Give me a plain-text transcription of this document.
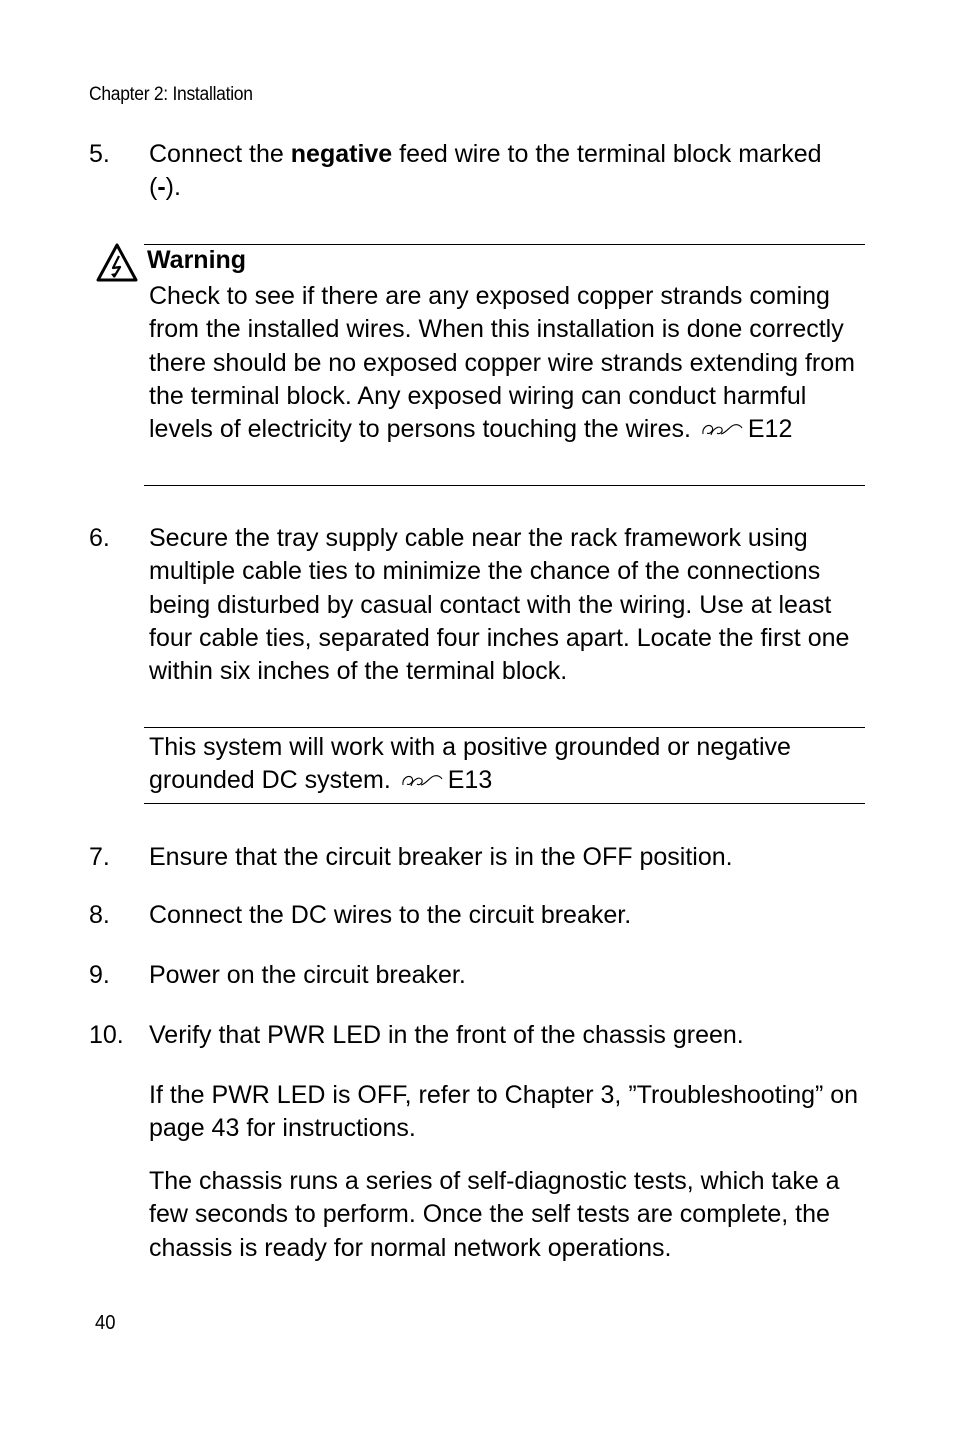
Chapter 2: Installation
5. Connect the negative feed wire to the terminal block marked
(-).
Warning
Check to see if there are any exposed copper strands coming from the installed wires. When this installation is done correctly there should be no exposed copper wire strands extending from the terminal block. Any exposed wiring can conduct harmful levels of electricity to persons touching the wires. E12
6. Secure the tray supply cable near the rack framework using multiple cable ties to minimize the chance of the connections being disturbed by casual contact with the wiring. Use at least four cable ties, separated four inches apart. Locate the first one within six inches of the terminal block.
This system will work with a positive grounded or negative grounded DC system. E13
7. Ensure that the circuit breaker is in the OFF position.
8. Connect the DC wires to the circuit breaker.
9. Power on the circuit breaker.
10. Verify that PWR LED in the front of the chassis green.
If the PWR LED is OFF, refer to Chapter 3, ”Troubleshooting” on page 43 for instructions.
The chassis runs a series of self-diagnostic tests, which take a few seconds to perform. Once the self tests are complete, the chassis is ready for normal network operations.
40
